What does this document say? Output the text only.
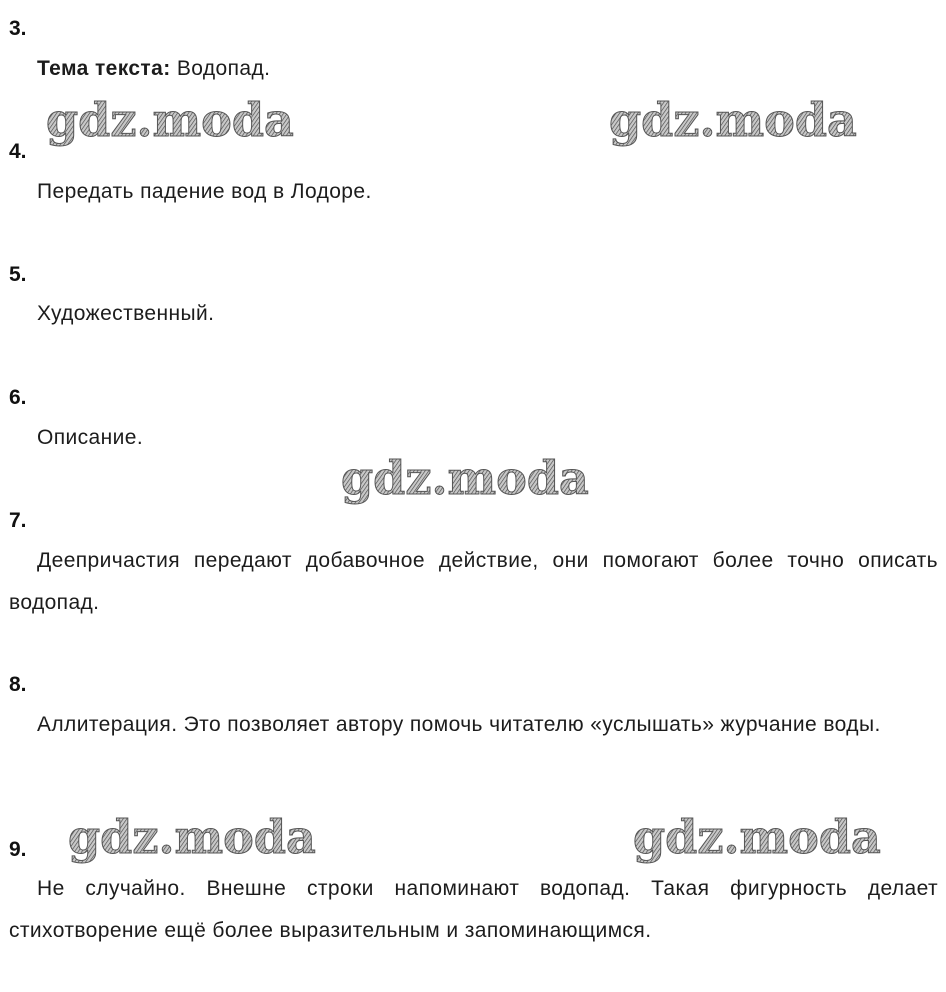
3.

Тема текста: Водопад.

4.

Передать падение вод в Лодоре.

5.

Художественный.

6.

Описание.

7.

Деепричастия передают добавочное действие, они помогают более точно описать водопад.

8.

Аллитерация. Это позволяет автору помочь читателю «услышать» журчание воды.

9.

Не случайно. Внешне строки напоминают водопад. Такая фигурность делает стихотворение ещё более выразительным и запоминающимся.

gdz.moda	gdz.moda
gdz.moda
gdz.moda	gdz.moda
